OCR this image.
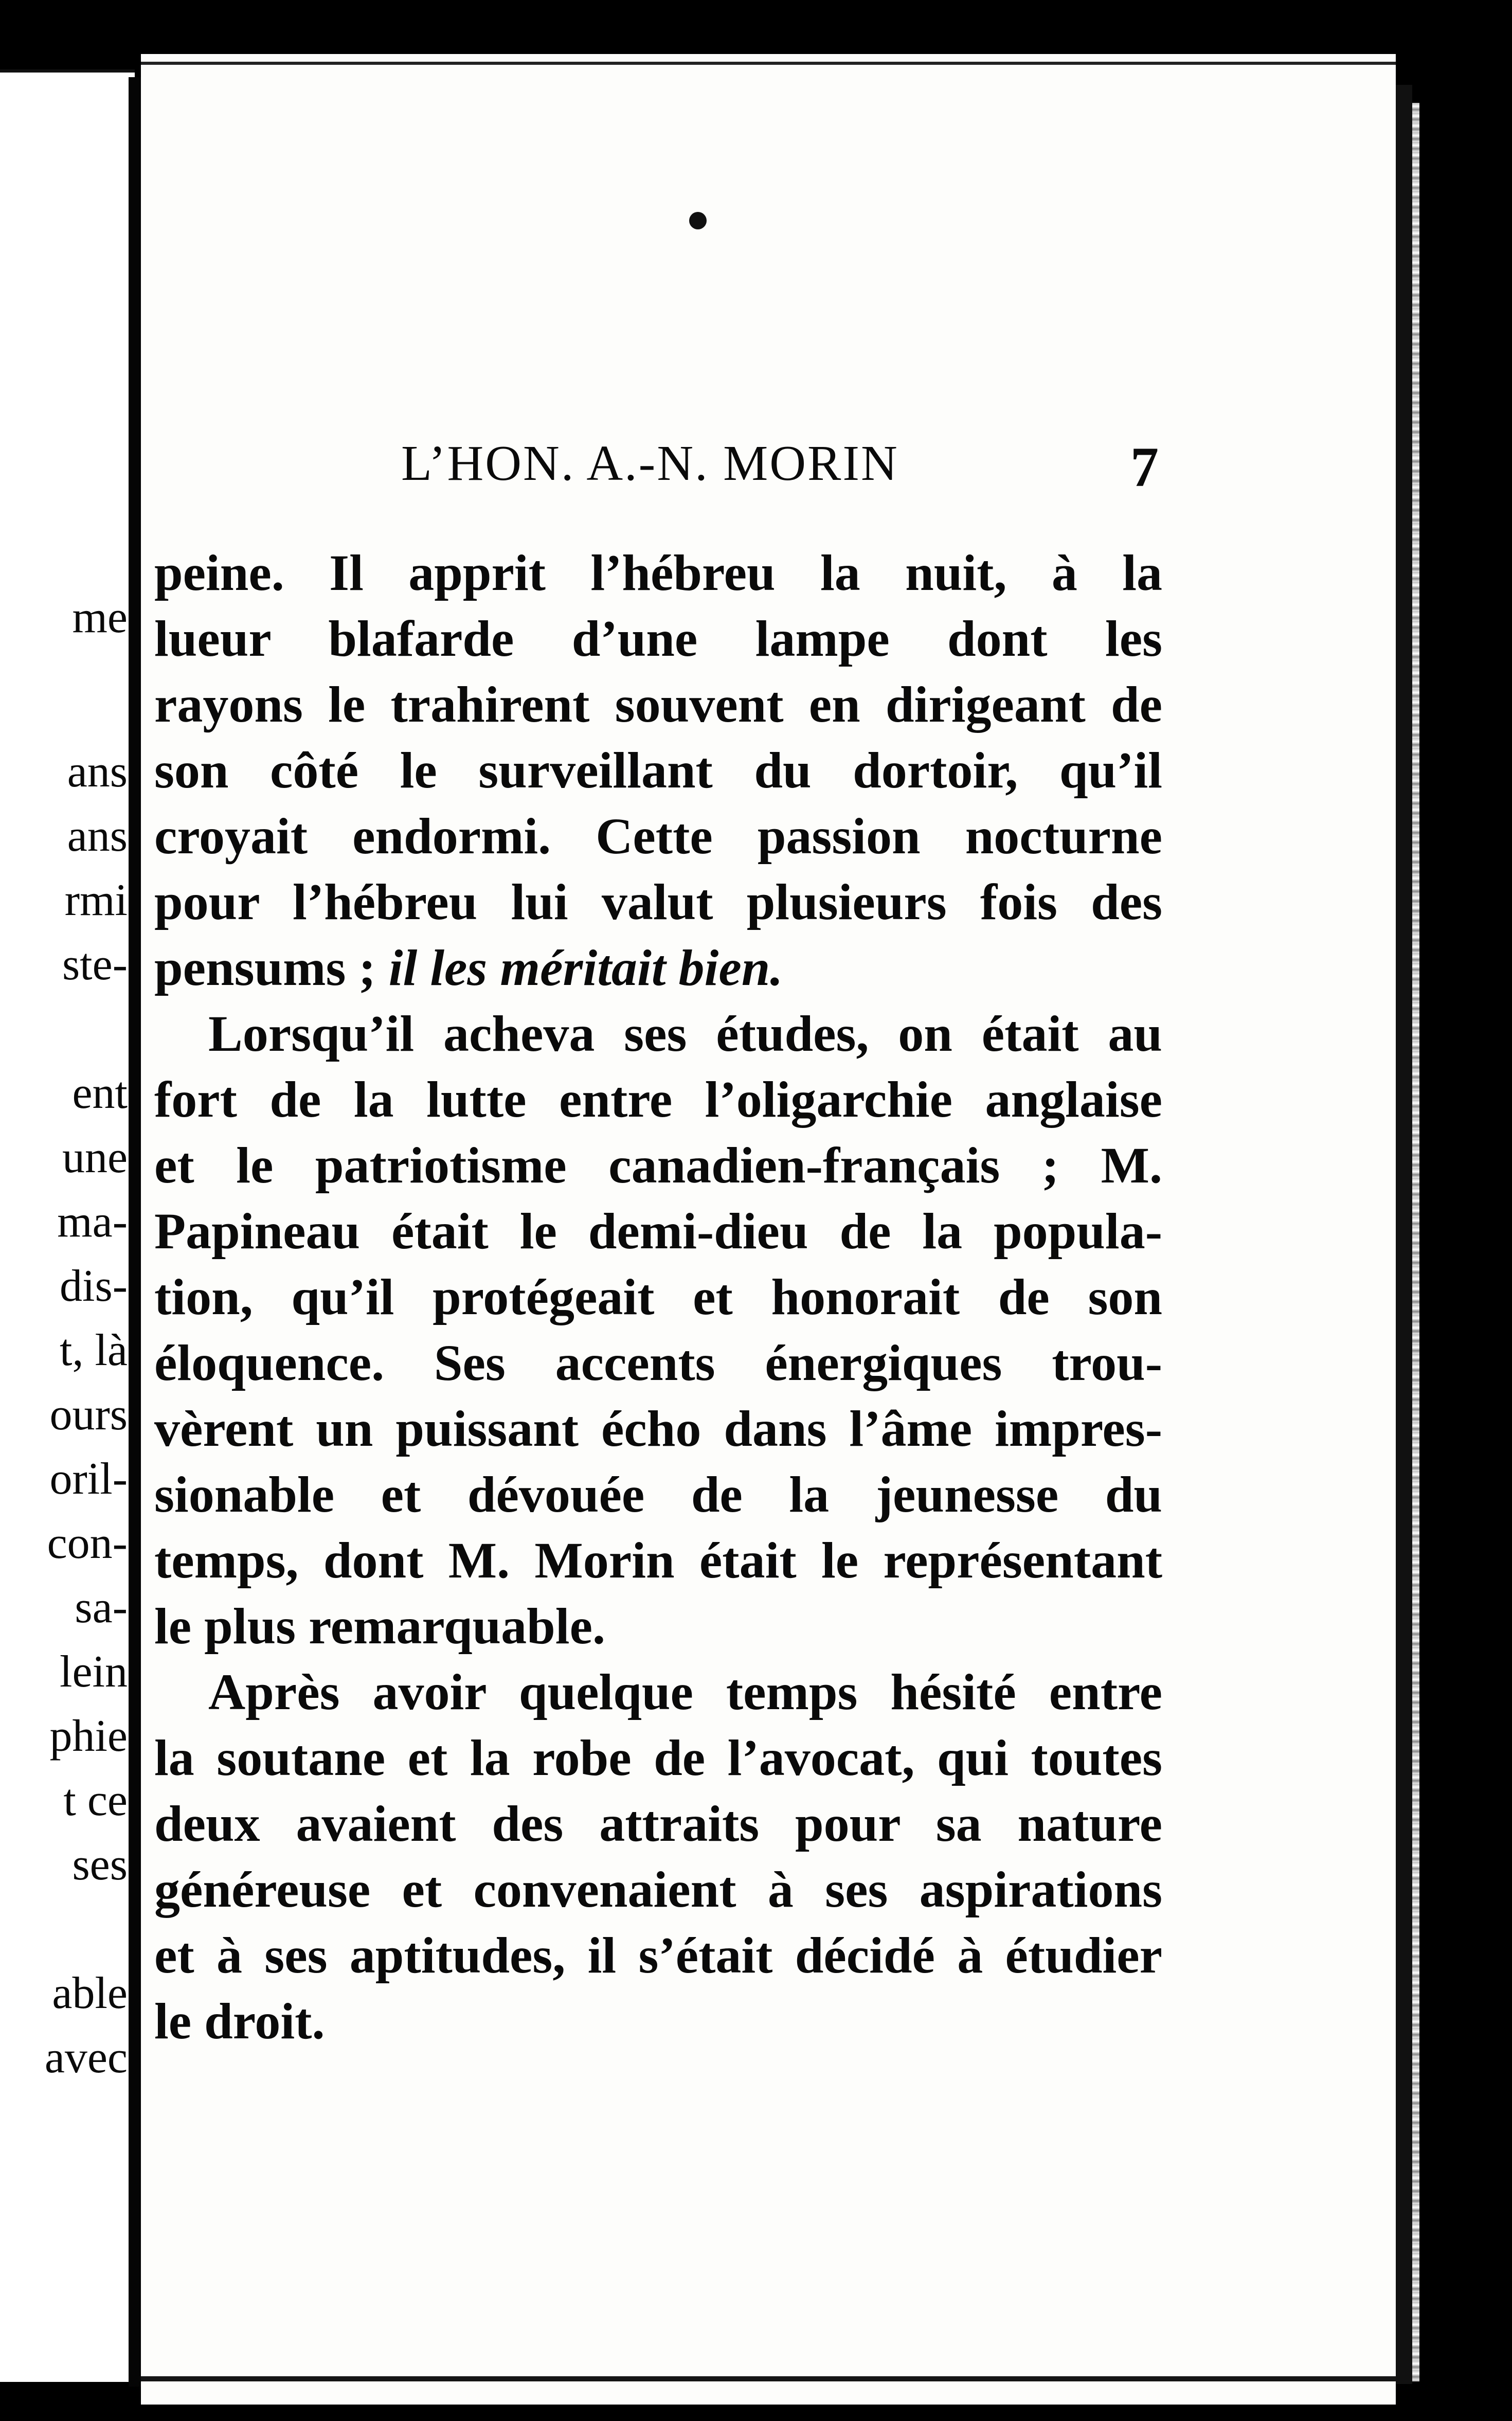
me
ans
ans
rmi
ste-
ent
une
ma-
dis-
t, là
ours
oril-
con-
sa-
lein
phie
t ce
ses
able
avec
L’HON. A.-N. MORIN	7
peine. Il apprit l’hébreu la nuit, à la
lueur blafarde d’une lampe dont les
rayons le trahirent souvent en dirigeant de
son côté le surveillant du dortoir, qu’il
croyait endormi. Cette passion nocturne
pour l’hébreu lui valut plusieurs fois des
pensums ; il les méritait bien.
Lorsqu’il acheva ses études, on était au
fort de la lutte entre l’oligarchie anglaise
et le patriotisme canadien-français ; M.
Papineau était le demi-dieu de la popula-
tion, qu’il protégeait et honorait de son
éloquence. Ses accents énergiques trou-
vèrent un puissant écho dans l’âme impres-
sionable et dévouée de la jeunesse du
temps, dont M. Morin était le représentant
le plus remarquable.
Après avoir quelque temps hésité entre
la soutane et la robe de l’avocat, qui toutes
deux avaient des attraits pour sa nature
généreuse et convenaient à ses aspirations
et à ses aptitudes, il s’était décidé à étudier
le droit.
